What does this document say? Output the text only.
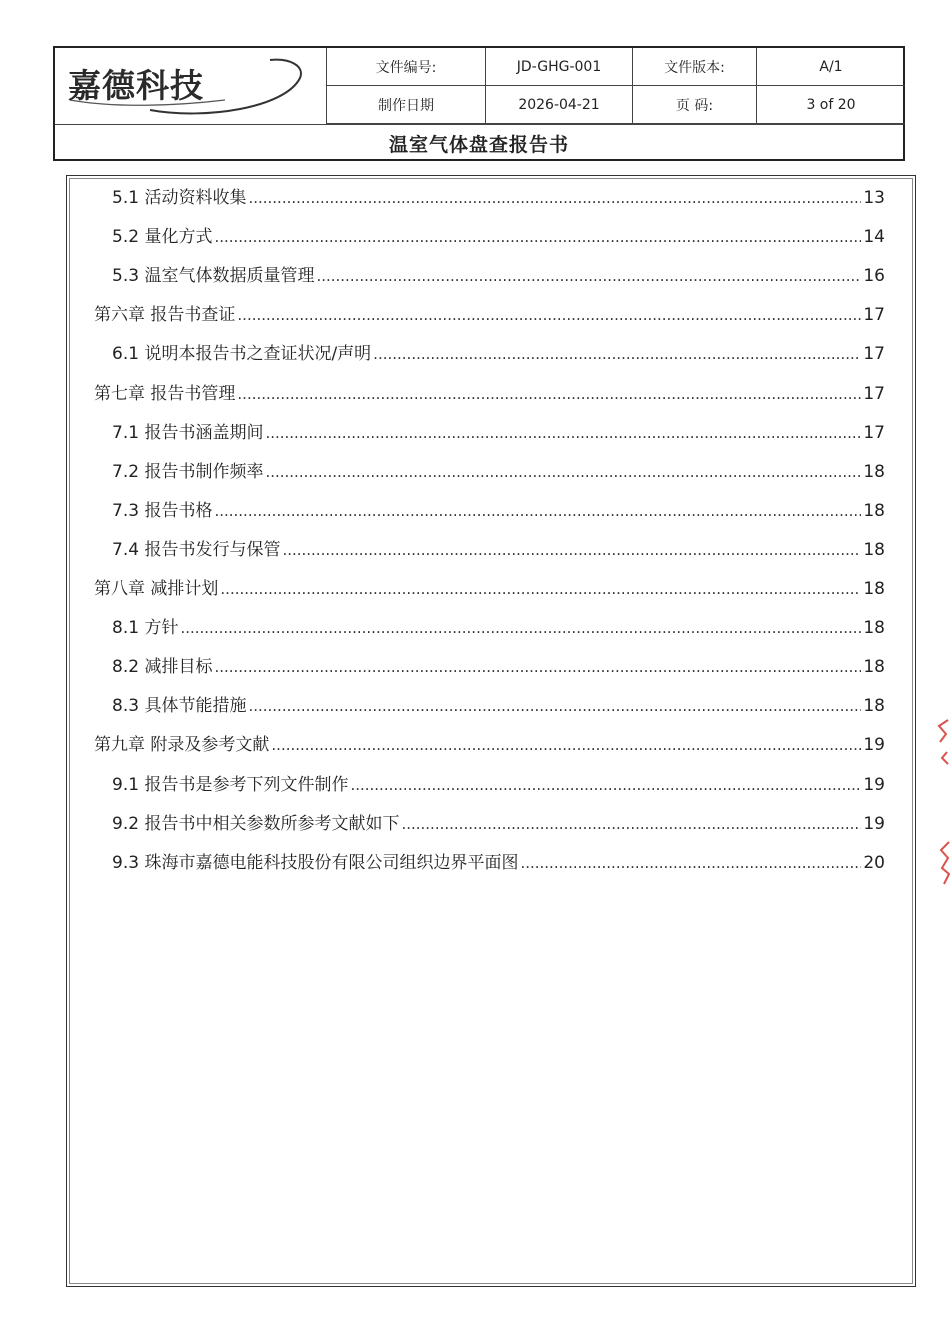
嘉德科技	文件编号:	JD-GHG-001	文件版本:	A/1
制作日期	2026-04-21	页 码:	3 of 20
温室气体盘查报告书
5.1 活动资料收集 .....	13
5.2 量化方式 .....	14
5.3 温室气体数据质量管理 .....	16
第六章 报告书查证 .....	17
6.1 说明本报告书之查证状况/声明 .....	17
第七章 报告书管理 .....	17
7.1 报告书涵盖期间 .....	17
7.2 报告书制作频率 .....	18
7.3 报告书格 .....	18
7.4 报告书发行与保管 .....	18
第八章 减排计划 .....	18
8.1 方针 .....	18
8.2 减排目标 .....	18
8.3 具体节能措施 .....	18
第九章 附录及参考文献 .....	19
9.1 报告书是参考下列文件制作 .....	19
9.2 报告书中相关参数所参考文献如下 .....	19
9.3 珠海市嘉德电能科技股份有限公司组织边界平面图 .....	20
